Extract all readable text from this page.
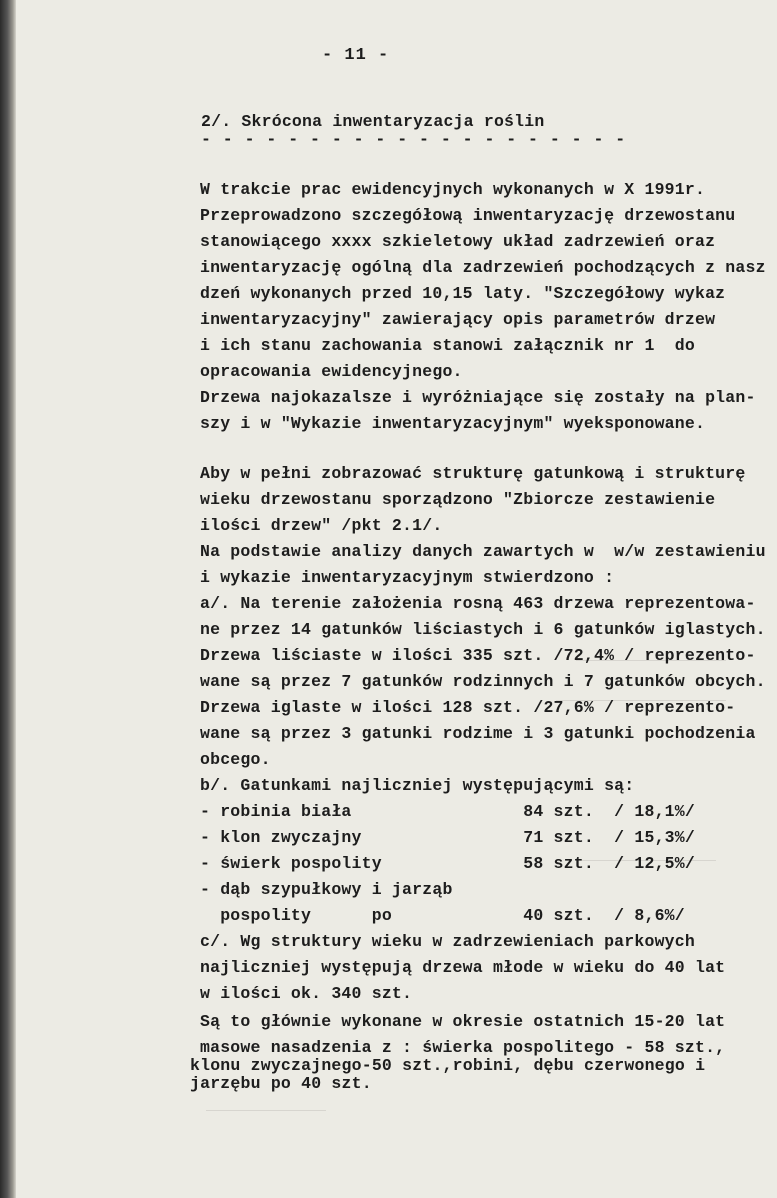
- 11 -
2/. Skrócona inwentaryzacja roślin
- - - - - - - - - - - - - - - - - - - -
W trakcie prac ewidencyjnych wykonanych w X 1991r.
Przeprowadzono szczegółową inwentaryzację drzewostanu
stanowiącego xxxx szkieletowy układ zadrzewień oraz
inwentaryzację ogólną dla zadrzewień pochodzących z nasz
dzeń wykonanych przed 10,15 laty. "Szczegółowy wykaz
inwentaryzacyjny" zawierający opis parametrów drzew
i ich stanu zachowania stanowi załącznik nr 1  do
opracowania ewidencyjnego.
Drzewa najokazalsze i wyróżniające się zostały na plan-
szy i w "Wykazie inwentaryzacyjnym" wyeksponowane.
Aby w pełni zobrazować strukturę gatunkową i strukturę
wieku drzewostanu sporządzono "Zbiorcze zestawienie
ilości drzew" /pkt 2.1/.
Na podstawie analizy danych zawartych w  w/w zestawieniu
i wykazie inwentaryzacyjnym stwierdzono :
a/. Na terenie założenia rosną 463 drzewa reprezentowa-
ne przez 14 gatunków liściastych i 6 gatunków iglastych.
Drzewa liściaste w ilości 335 szt. /72,4% / reprezento-
wane są przez 7 gatunków rodzinnych i 7 gatunków obcych.
Drzewa iglaste w ilości 128 szt. /27,6% / reprezento-
wane są przez 3 gatunki rodzime i 3 gatunki pochodzenia
obcego.
b/. Gatunkami najliczniej występującymi są:
- robinia biała                 84 szt.  / 18,1%/
- klon zwyczajny                71 szt.  / 15,3%/
- świerk pospolity              58 szt.  / 12,5%/
- dąb szypułkowy i jarząb
pospolity      po             40 szt.  / 8,6%/
c/. Wg struktury wieku w zadrzewieniach parkowych
najliczniej występują drzewa młode w wieku do 40 lat
w ilości ok. 340 szt.
Są to głównie wykonane w okresie ostatnich 15-20 lat
masowe nasadzenia z : świerka pospolitego - 58 szt.,
klonu zwyczajnego-50 szt.,robini, dębu czerwonego i
jarzębu po 40 szt.
